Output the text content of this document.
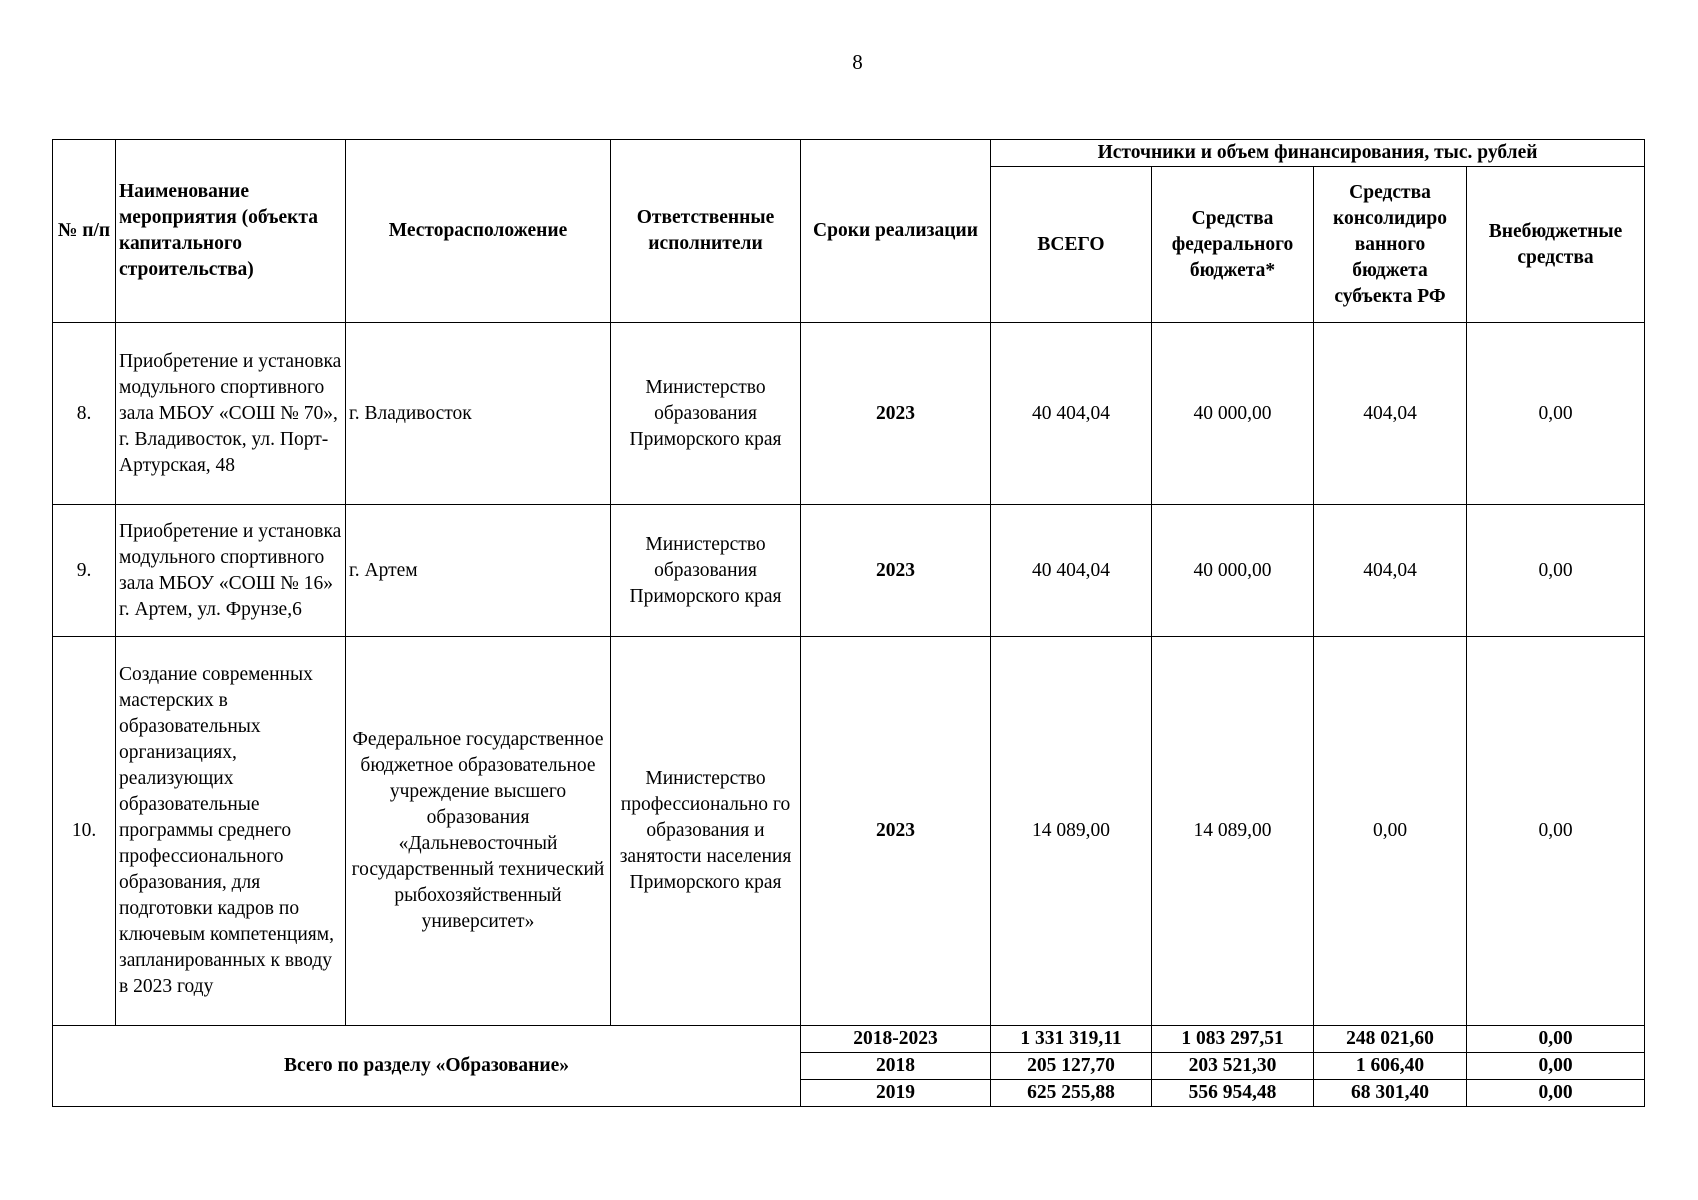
8
№ п/п	Наименование мероприятия (объекта капитального строительства)	Месторасположение	Ответственные исполнители	Сроки реализации	Источники и объем финансирования, тыс. рублей			
					ВСЕГО	Средства федерального бюджета*	Средства консолидиро ванного бюджета субъекта РФ	Внебюджетные средства
8.	Приобретение и установка модульного спортивного зала МБОУ «СОШ № 70», г. Владивосток, ул. Порт-Артурская, 48	г. Владивосток	Министерство образования Приморского края	2023	40 404,04	40 000,00	404,04	0,00
9.	Приобретение и установка модульного спортивного зала МБОУ «СОШ № 16» г. Артем, ул. Фрунзе,6	г. Артем	Министерство образования Приморского края	2023	40 404,04	40 000,00	404,04	0,00
10.	Создание современных мастерских в образовательных организациях, реализующих образовательные программы среднего профессионального образования, для подготовки кадров по ключевым компетенциям, запланированных к вводу в 2023 году	Федеральное государственное бюджетное образовательное учреждение высшего образования «Дальневосточный государственный технический рыбохозяйственный университет»	Министерство профессионально го образования и занятости населения Приморского края	2023	14 089,00	14 089,00	0,00	0,00
Всего по разделу «Образование»				2018-2023	1 331 319,11	1 083 297,51	248 021,60	0,00
				2018	205 127,70	203 521,30	1 606,40	0,00
				2019	625 255,88	556 954,48	68 301,40	0,00
